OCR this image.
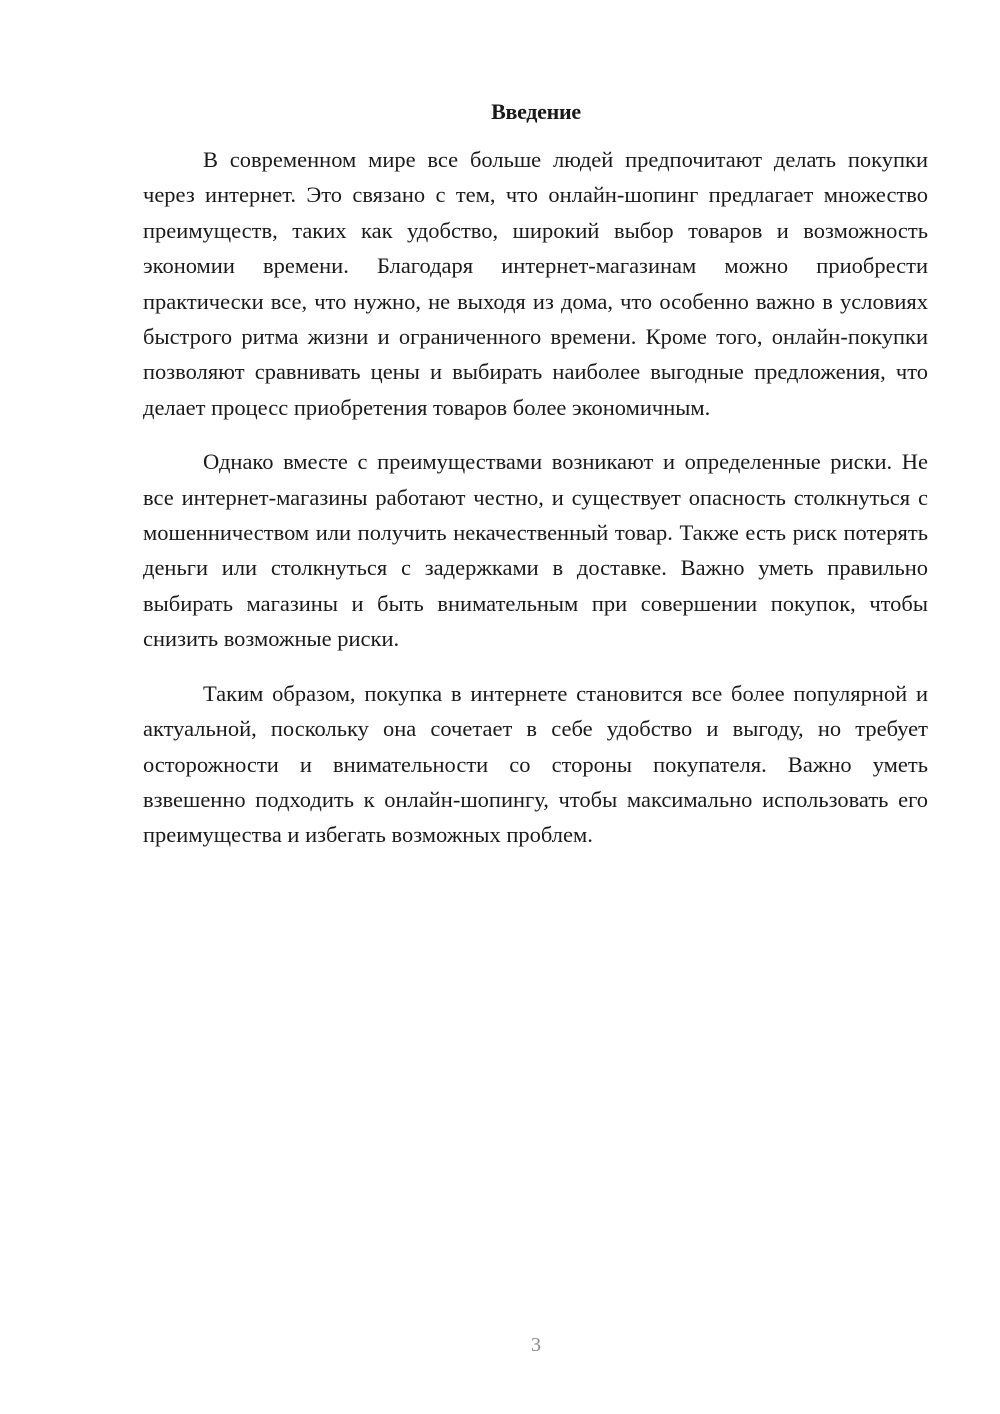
Введение

В современном мире все больше людей предпочитают делать покупки через интернет. Это связано с тем, что онлайн-шопинг предлагает множество преимуществ, таких как удобство, широкий выбор товаров и возможность экономии времени. Благодаря интернет-магазинам можно приобрести практически все, что нужно, не выходя из дома, что особенно важно в условиях быстрого ритма жизни и ограниченного времени. Кроме того, онлайн-покупки позволяют сравнивать цены и выбирать наиболее выгодные предложения, что делает процесс приобретения товаров более экономичным.

Однако вместе с преимуществами возникают и определенные риски. Не все интернет-магазины работают честно, и существует опасность столкнуться с мошенничеством или получить некачественный товар. Также есть риск потерять деньги или столкнуться с задержками в доставке. Важно уметь правильно выбирать магазины и быть внимательным при совершении покупок, чтобы снизить возможные риски.

Таким образом, покупка в интернете становится все более популярной и актуальной, поскольку она сочетает в себе удобство и выгоду, но требует осторожности и внимательности со стороны покупателя. Важно уметь взвешенно подходить к онлайн-шопингу, чтобы максимально использовать его преимущества и избегать возможных проблем.

3
